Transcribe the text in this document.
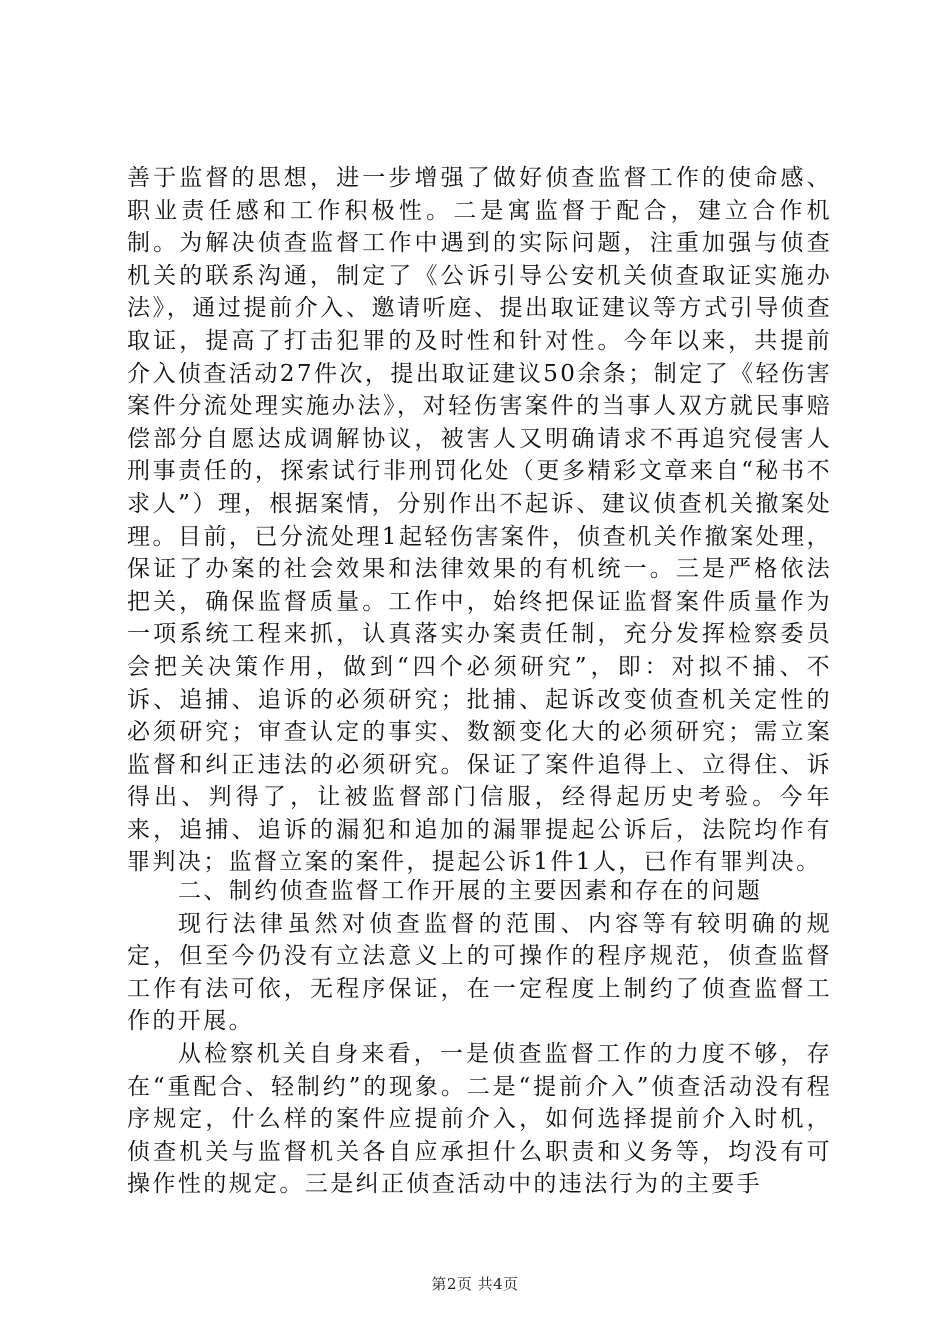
善于监督的思想，进一步增强了做好侦查监督工作的使命感、职业责任感和工作积极性。二是寓监督于配合，建立合作机制。为解决侦查监督工作中遇到的实际问题，注重加强与侦查机关的联系沟通，制定了《公诉引导公安机关侦查取证实施办法》，通过提前介入、邀请听庭、提出取证建议等方式引导侦查取证，提高了打击犯罪的及时性和针对性。今年以来，共提前介入侦查活动27件次，提出取证建议50余条；制定了《轻伤害案件分流处理实施办法》，对轻伤害案件的当事人双方就民事赔偿部分自愿达成调解协议，被害人又明确请求不再追究侵害人刑事责任的，探索试行非刑罚化处（更多精彩文章来自“秘书不求人”）理，根据案情，分别作出不起诉、建议侦查机关撤案处理。目前，已分流处理1起轻伤害案件，侦查机关作撤案处理，保证了办案的社会效果和法律效果的有机统一。三是严格依法把关，确保监督质量。工作中，始终把保证监督案件质量作为一项系统工程来抓，认真落实办案责任制，充分发挥检察委员会把关决策作用，做到“四个必须研究”，即：对拟不捕、不诉、追捕、追诉的必须研究；批捕、起诉改变侦查机关定性的必须研究；审查认定的事实、数额变化大的必须研究；需立案监督和纠正违法的必须研究。保证了案件追得上、立得住、诉得出、判得了，让被监督部门信服，经得起历史考验。今年来，追捕、追诉的漏犯和追加的漏罪提起公诉后，法院均作有罪判决；监督立案的案件，提起公诉1件1人，已作有罪判决。

二、制约侦查监督工作开展的主要因素和存在的问题

现行法律虽然对侦查监督的范围、内容等有较明确的规定，但至今仍没有立法意义上的可操作的程序规范，侦查监督工作有法可依，无程序保证，在一定程度上制约了侦查监督工作的开展。

从检察机关自身来看，一是侦查监督工作的力度不够，存在“重配合、轻制约”的现象。二是“提前介入”侦查活动没有程序规定，什么样的案件应提前介入，如何选择提前介入时机，侦查机关与监督机关各自应承担什么职责和义务等，均没有可操作性的规定。三是纠正侦查活动中的违法行为的主要手

第2页 共4页
